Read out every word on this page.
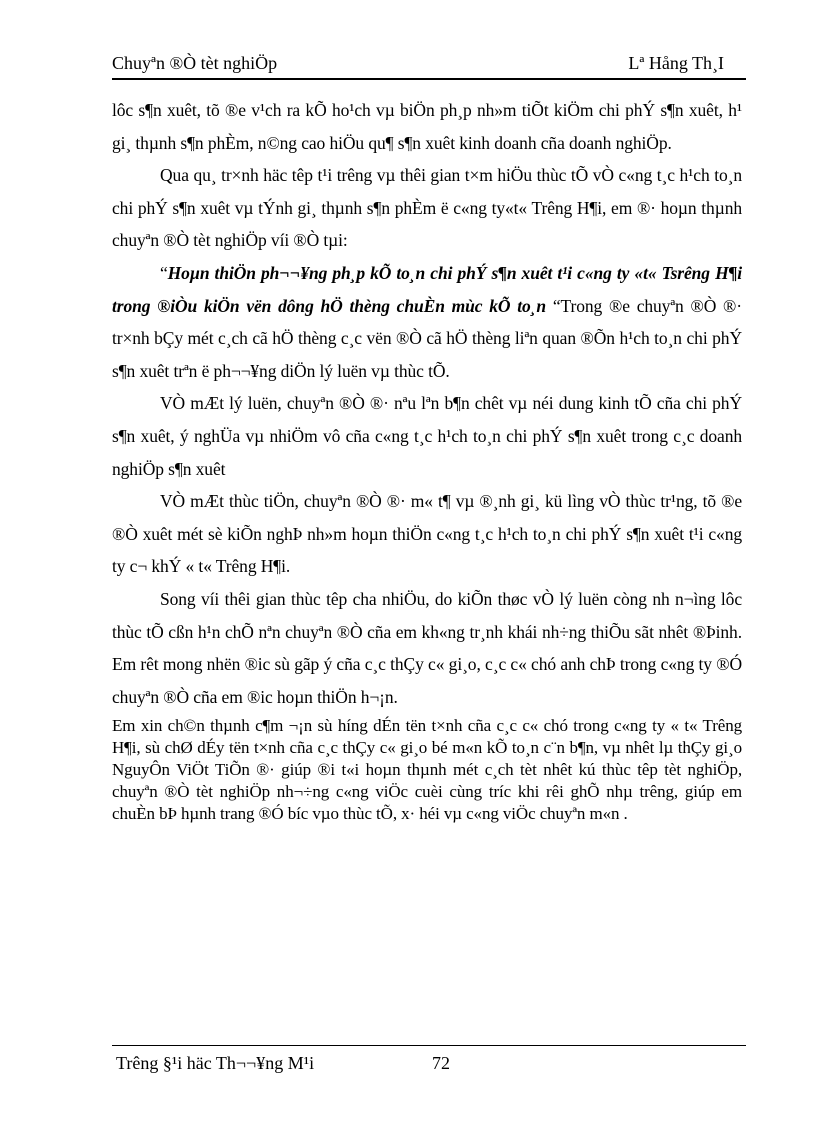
Chuyªn ®Ò tèt nghiÖp	Lª Hång Th¸I

lôc s¶n xuêt, tõ ®e v¹ch ra kÕ ho¹ch vµ biÖn ph¸p nh»m tiÕt kiÖm chi phÝ s¶n xuêt, h¹ gi¸ thµnh s¶n phÈm, n©ng cao hiÖu qu¶ s¶n xuêt kinh doanh cña doanh nghiÖp.

Qua qu¸ tr×nh häc têp t¹i trêng vµ thêi gian t×m hiÖu thùc tÕ vÒ c«ng t¸c h¹ch to¸n chi phÝ s¶n xuêt vµ tÝnh gi¸ thµnh s¶n phÈm ë c«ng ty«t« Trêng H¶i, em ®· hoµn thµnh chuyªn ®Ò tèt nghiÖp víi ®Ò tµi:

“Hoµn thiÖn ph¬¬¥ng ph¸p kÕ to¸n chi phÝ s¶n xuêt t¹i c«ng ty «t« Tsrêng H¶i trong ®iÒu kiÖn vën dông hÖ thèng chuÈn mùc kÕ to¸n “Trong ®e chuyªn ®Ò ®· tr×nh bÇy mét c¸ch cã hÖ thèng c¸c vën ®Ò cã hÖ thèng liªn quan ®Õn h¹ch to¸n chi phÝ s¶n xuêt trªn ë ph¬¬¥ng diÖn lý luën vµ thùc tÕ.

VÒ mÆt lý luën, chuyªn ®Ò ®· nªu lªn b¶n chêt vµ néi dung kinh tÕ cña chi phÝ s¶n xuêt, ý nghÜa vµ nhiÖm vô cña c«ng t¸c h¹ch to¸n chi phÝ s¶n xuêt trong c¸c doanh nghiÖp s¶n xuêt

VÒ mÆt thùc tiÖn, chuyªn ®Ò ®· m« t¶ vµ ®¸nh gi¸ kü lìng vÒ thùc tr¹ng, tõ ®e ®Ò xuêt mét sè kiÕn nghÞ nh»m hoµn thiÖn c«ng t¸c h¹ch to¸n chi phÝ s¶n xuêt t¹i c«ng ty c¬ khÝ « t« Trêng H¶i.

Song víi thêi gian thùc têp cha nhiÖu, do kiÕn thøc vÒ lý luën còng nh n¬ìng lôc thùc tÕ cßn h¹n chÕ nªn chuyªn ®Ò cña em kh«ng tr¸nh khái nh÷ng thiÕu sãt nhêt ®Þinh. Em rêt mong nhën ®ic sù gãp ý cña c¸c thÇy c« gi¸o, c¸c c« chó anh chÞ trong c«ng ty ®Ó chuyªn ®Ò cña em ®ic hoµn thiÖn h¬¡n.

Em xin ch©n thµnh c¶m ¬¡n sù híng dÉn tën t×nh cña c¸c c« chó trong c«ng ty « t« Trêng H¶i, sù chØ dÉy tën t×nh cña c¸c thÇy c« gi¸o bé m«n kÕ to¸n c¨n b¶n, vµ nhêt lµ thÇy gi¸o NguyÔn ViÖt TiÕn ®· giúp ®i t«i hoµn thµnh mét c¸ch tèt nhêt kú thùc têp tèt nghiÖp, chuyªn ®Ò tèt nghiÖp nh¬÷ng c«ng viÖc cuèi cùng tríc khi rêi ghÕ nhµ trêng, giúp em chuÈn bÞ hµnh trang ®Ó bíc vµo thùc tÕ, x· héi vµ c«ng viÖc chuyªn m«n .

Trêng §¹i häc Th¬¬¥ng M¹i	72
